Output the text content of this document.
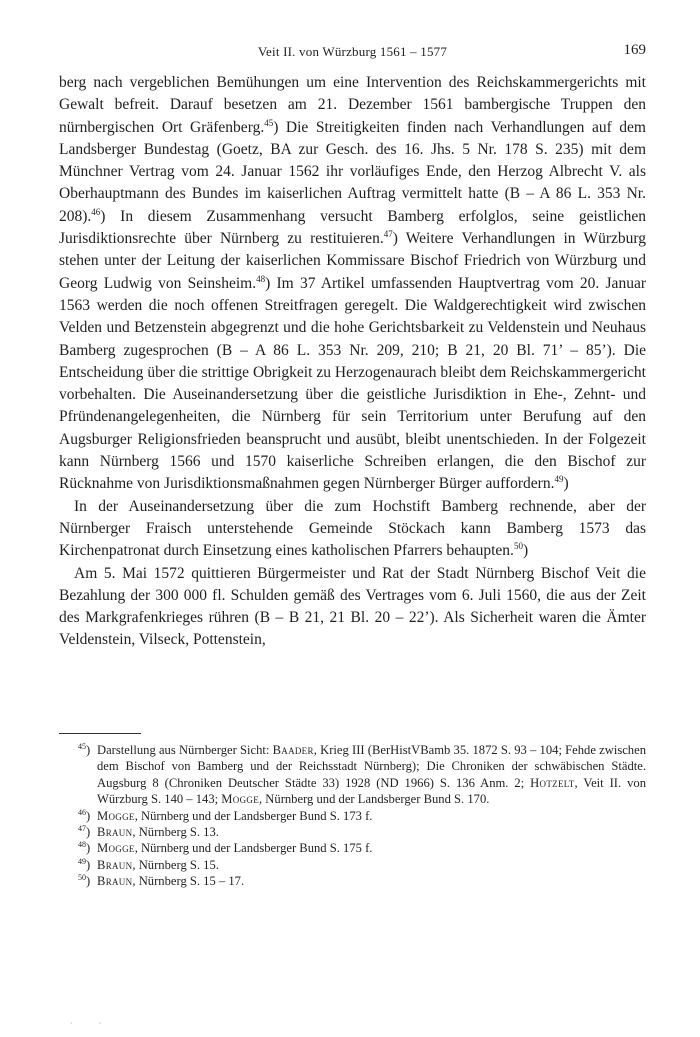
Veit II. von Würzburg 1561 – 1577	169

berg nach vergeblichen Bemühungen um eine Intervention des Reichskammergerichts mit Gewalt befreit. Darauf besetzen am 21. Dezember 1561 bambergische Truppen den nürnbergischen Ort Gräfenberg.$^{45}$) Die Streitigkeiten finden nach Verhandlungen auf dem Landsberger Bundestag (Goetz, BA zur Gesch. des 16. Jhs. 5 Nr. 178 S. 235) mit dem Münchner Vertrag vom 24. Januar 1562 ihr vorläufiges Ende, den Herzog Albrecht V. als Oberhauptmann des Bundes im kaiserlichen Auftrag vermittelt hatte (B – A 86 L. 353 Nr. 208).$^{46}$) In diesem Zusammenhang versucht Bamberg erfolglos, seine geistlichen Jurisdiktionsrechte über Nürnberg zu restituieren.$^{47}$) Weitere Verhandlungen in Würzburg stehen unter der Leitung der kaiserlichen Kommissare Bischof Friedrich von Würzburg und Georg Ludwig von Seinsheim.$^{48}$) Im 37 Artikel umfassenden Hauptvertrag vom 20. Januar 1563 werden die noch offenen Streitfragen geregelt. Die Waldgerechtigkeit wird zwischen Velden und Betzenstein abgegrenzt und die hohe Gerichtsbarkeit zu Veldenstein und Neuhaus Bamberg zugesprochen (B – A 86 L. 353 Nr. 209, 210; B 21, 20 Bl. 71’ – 85’). Die Entscheidung über die strittige Obrigkeit zu Herzogenaurach bleibt dem Reichskammergericht vorbehalten. Die Auseinandersetzung über die geistliche Jurisdiktion in Ehe-, Zehnt- und Pfründenangelegenheiten, die Nürnberg für sein Territorium unter Berufung auf den Augsburger Religionsfrieden beansprucht und ausübt, bleibt unentschieden. In der Folgezeit kann Nürnberg 1566 und 1570 kaiserliche Schreiben erlangen, die den Bischof zur Rücknahme von Jurisdiktionsmaßnahmen gegen Nürnberger Bürger auffordern.$^{49}$)

In der Auseinandersetzung über die zum Hochstift Bamberg rechnende, aber der Nürnberger Fraisch unterstehende Gemeinde Stöckach kann Bamberg 1573 das Kirchenpatronat durch Einsetzung eines katholischen Pfarrers behaupten.$^{50}$)

Am 5. Mai 1572 quittieren Bürgermeister und Rat der Stadt Nürnberg Bischof Veit die Bezahlung der 300 000 fl. Schulden gemäß des Vertrages vom 6. Juli 1560, die aus der Zeit des Markgrafenkrieges rühren (B – B 21, 21 Bl. 20 – 22’). Als Sicherheit waren die Ämter Veldenstein, Vilseck, Pottenstein,

$^{45}$) Darstellung aus Nürnberger Sicht: Baader, Krieg III (BerHistVBamb 35. 1872 S. 93 – 104; Fehde zwischen dem Bischof von Bamberg und der Reichsstadt Nürnberg); Die Chroniken der schwäbischen Städte. Augsburg 8 (Chroniken Deutscher Städte 33) 1928 (ND 1966) S. 136 Anm. 2; Hotzelt, Veit II. von Würzburg S. 140 – 143; Mogge, Nürnberg und der Landsberger Bund S. 170.
$^{46}$) Mogge, Nürnberg und der Landsberger Bund S. 173 f.
$^{47}$) Braun, Nürnberg S. 13.
$^{48}$) Mogge, Nürnberg und der Landsberger Bund S. 175 f.
$^{49}$) Braun, Nürnberg S. 15.
$^{50}$) Braun, Nürnberg S. 15 – 17.
· ·
